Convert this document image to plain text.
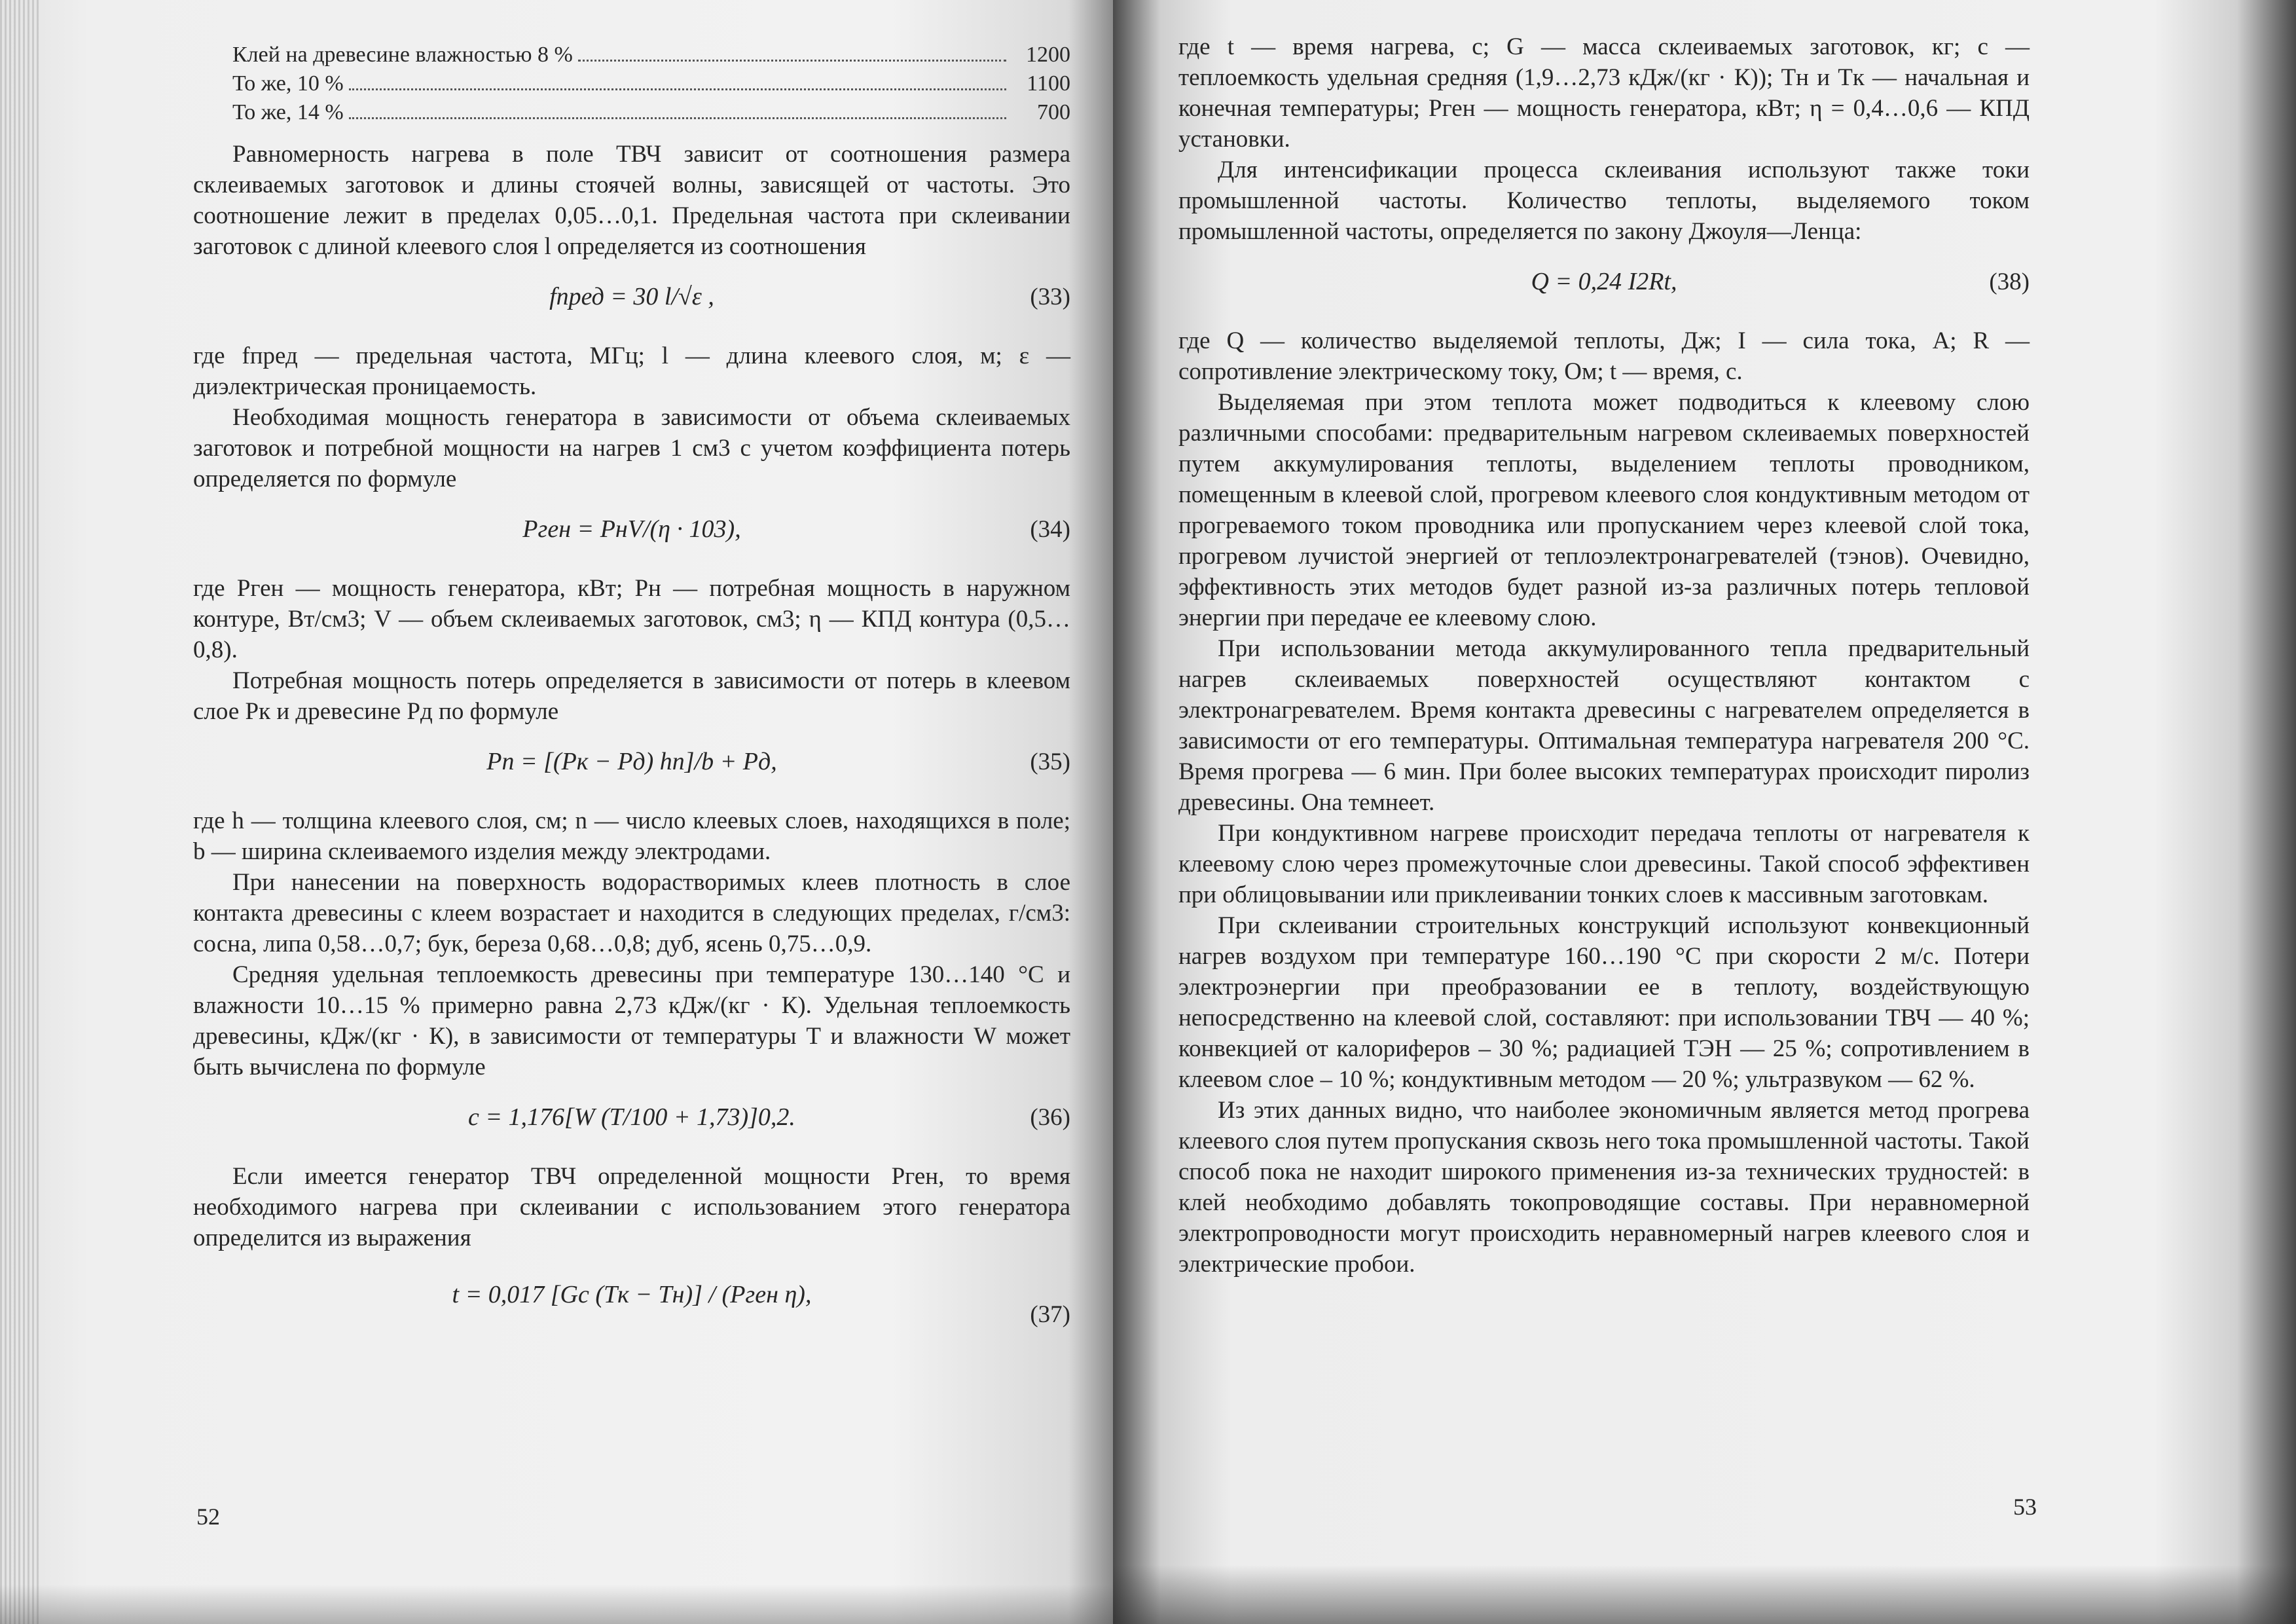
Клей на древесине влажностью 8 %	1200
То же, 10 %	1100
То же, 14 %	700

Равномерность нагрева в поле ТВЧ зависит от соотношения размера склеиваемых заготовок и длины стоячей волны, зависящей от частоты. Это соотношение лежит в пределах 0,05…0,1. Предельная частота при склеивании заготовок с длиной клеевого слоя l определяется из соотношения

fпред = 30 l/√ε ,	(33)

где fпред — предельная частота, МГц; l — длина клеевого слоя, м; ε — диэлектрическая проницаемость.

Необходимая мощность генератора в зависимости от объема склеиваемых заготовок и потребной мощности на нагрев 1 см3 с учетом коэффициента потерь определяется по формуле

Pген = PнV/(η · 103),	(34)

где Pген — мощность генератора, кВт; Pн — потребная мощность в наружном контуре, Вт/см3; V — объем склеиваемых заготовок, см3; η — КПД контура (0,5…0,8).

Потребная мощность потерь определяется в зависимости от потерь в клеевом слое Pк и древесине Pд по формуле

Pп = [(Pк − Pд) hn]/b + Pд,	(35)

где h — толщина клеевого слоя, см; n — число клеевых слоев, находящихся в поле; b — ширина склеиваемого изделия между электродами.

При нанесении на поверхность водорастворимых клеев плотность в слое контакта древесины с клеем возрастает и находится в следующих пределах, г/см3: сосна, липа 0,58…0,7; бук, береза 0,68…0,8; дуб, ясень 0,75…0,9.

Средняя удельная теплоемкость древесины при температуре 130…140 °С и влажности 10…15 % примерно равна 2,73 кДж/(кг · К). Удельная теплоемкость древесины, кДж/(кг · К), в зависимости от температуры T и влажности W может быть вычислена по формуле

c = 1,176[W (T/100 + 1,73)]0,2.	(36)

Если имеется генератор ТВЧ определенной мощности Pген, то время необходимого нагрева при склеивании с использованием этого генератора определится из выражения

t = 0,017 [Gc (Tк − Tн)] / (Pген η),
(37)
52

где t — время нагрева, с; G — масса склеиваемых заготовок, кг; c — теплоемкость удельная средняя (1,9…2,73 кДж/(кг · К)); Tн и Tк — начальная и конечная температуры; Pген — мощность генератора, кВт; η = 0,4…0,6 — КПД установки.

Для интенсификации процесса склеивания используют также токи промышленной частоты. Количество теплоты, выделяемого током промышленной частоты, определяется по закону Джоуля—Ленца:

Q = 0,24 I2Rt,	(38)

где Q — количество выделяемой теплоты, Дж; I — сила тока, А; R — сопротивление электрическому току, Ом; t — время, с.

Выделяемая при этом теплота может подводиться к клеевому слою различными способами: предварительным нагревом склеиваемых поверхностей путем аккумулирования теплоты, выделением теплоты проводником, помещенным в клеевой слой, прогревом клеевого слоя кондуктивным методом от прогреваемого током проводника или пропусканием через клеевой слой тока, прогревом лучистой энергией от теплоэлектронагревателей (тэнов). Очевидно, эффективность этих методов будет разной из-за различных потерь тепловой энергии при передаче ее клеевому слою.

При использовании метода аккумулированного тепла предварительный нагрев склеиваемых поверхностей осуществляют контактом с электронагревателем. Время контакта древесины с нагревателем определяется в зависимости от его температуры. Оптимальная температура нагревателя 200 °С. Время прогрева — 6 мин. При более высоких температурах происходит пиролиз древесины. Она темнеет.

При кондуктивном нагреве происходит передача теплоты от нагревателя к клеевому слою через промежуточные слои древесины. Такой способ эффективен при облицовывании или приклеивании тонких слоев к массивным заготовкам.

При склеивании строительных конструкций используют конвекционный нагрев воздухом при температуре 160…190 °С при скорости 2 м/с. Потери электроэнергии при преобразовании ее в теплоту, воздействующую непосредственно на клеевой слой, составляют: при использовании ТВЧ — 40 %; конвекцией от калориферов – 30 %; радиацией ТЭН — 25 %; сопротивлением в клеевом слое – 10 %; кондуктивным методом — 20 %; ультразвуком — 62 %.

Из этих данных видно, что наиболее экономичным является метод прогрева клеевого слоя путем пропускания сквозь него тока промышленной частоты. Такой способ пока не находит широкого применения из-за технических трудностей: в клей необходимо добавлять токопроводящие составы. При неравномерной электропроводности могут происходить неравномерный нагрев клеевого слоя и электрические пробои.

53
